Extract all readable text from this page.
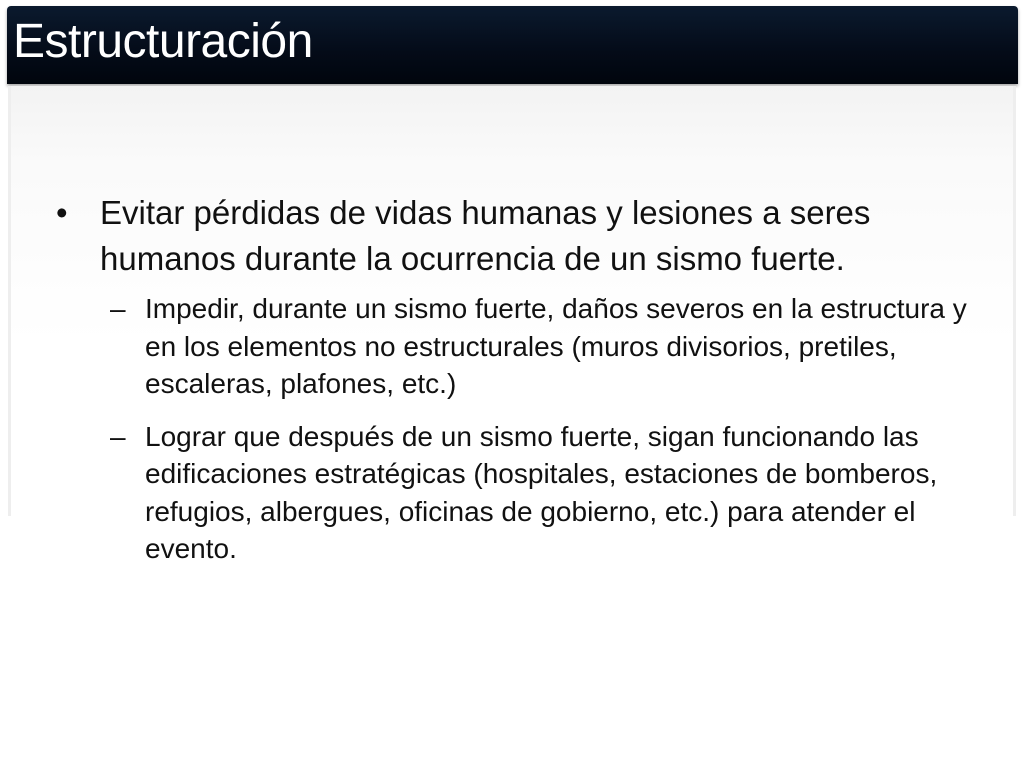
Estructuración
• Evitar pérdidas de vidas humanas y lesiones a seres humanos durante la ocurrencia de un sismo fuerte.
– Impedir, durante un sismo fuerte, daños severos en la estructura y en los elementos no estructurales (muros divisorios, pretiles, escaleras, plafones, etc.)
– Lograr que después de un sismo fuerte, sigan funcionando las edificaciones estratégicas (hospitales, estaciones de bomberos, refugios, albergues, oficinas de gobierno, etc.) para atender el evento.
